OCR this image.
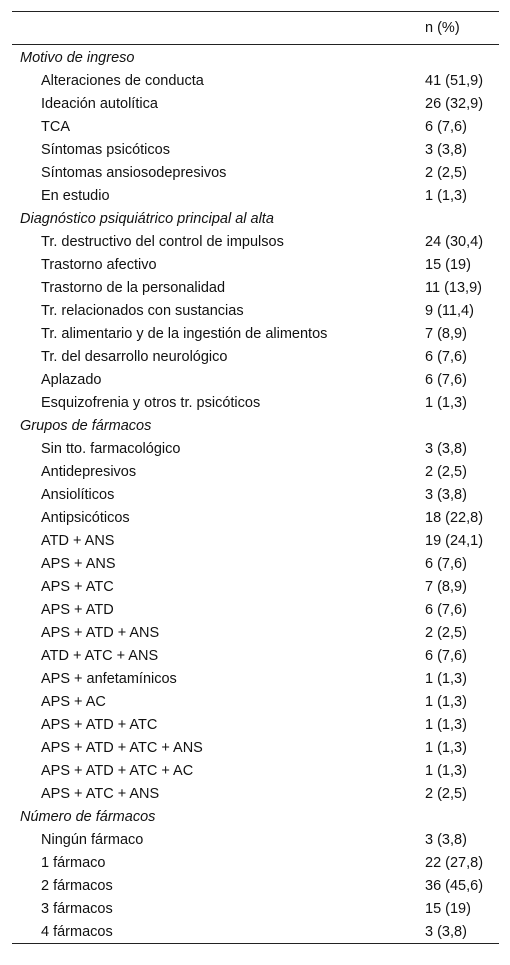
	n (%)
Motivo de ingreso	
Alteraciones de conducta	41 (51,9)
Ideación autolítica	26 (32,9)
TCA	6 (7,6)
Síntomas psicóticos	3 (3,8)
Síntomas ansiosodepresivos	2 (2,5)
En estudio	1 (1,3)
Diagnóstico psiquiátrico principal al alta	
Tr. destructivo del control de impulsos	24 (30,4)
Trastorno afectivo	15 (19)
Trastorno de la personalidad	11 (13,9)
Tr. relacionados con sustancias	9 (11,4)
Tr. alimentario y de la ingestión de alimentos	7 (8,9)
Tr. del desarrollo neurológico	6 (7,6)
Aplazado	6 (7,6)
Esquizofrenia y otros tr. psicóticos	1 (1,3)
Grupos de fármacos	
Sin tto. farmacológico	3 (3,8)
Antidepresivos	2 (2,5)
Ansiolíticos	3 (3,8)
Antipsicóticos	18 (22,8)
ATD + ANS	19 (24,1)
APS + ANS	6 (7,6)
APS + ATC	7 (8,9)
APS + ATD	6 (7,6)
APS + ATD + ANS	2 (2,5)
ATD + ATC + ANS	6 (7,6)
APS + anfetamínicos	1 (1,3)
APS + AC	1 (1,3)
APS + ATD + ATC	1 (1,3)
APS + ATD + ATC + ANS	1 (1,3)
APS + ATD + ATC + AC	1 (1,3)
APS + ATC + ANS	2 (2,5)
Número de fármacos	
Ningún fármaco	3 (3,8)
1 fármaco	22 (27,8)
2 fármacos	36 (45,6)
3 fármacos	15 (19)
4 fármacos	3 (3,8)
